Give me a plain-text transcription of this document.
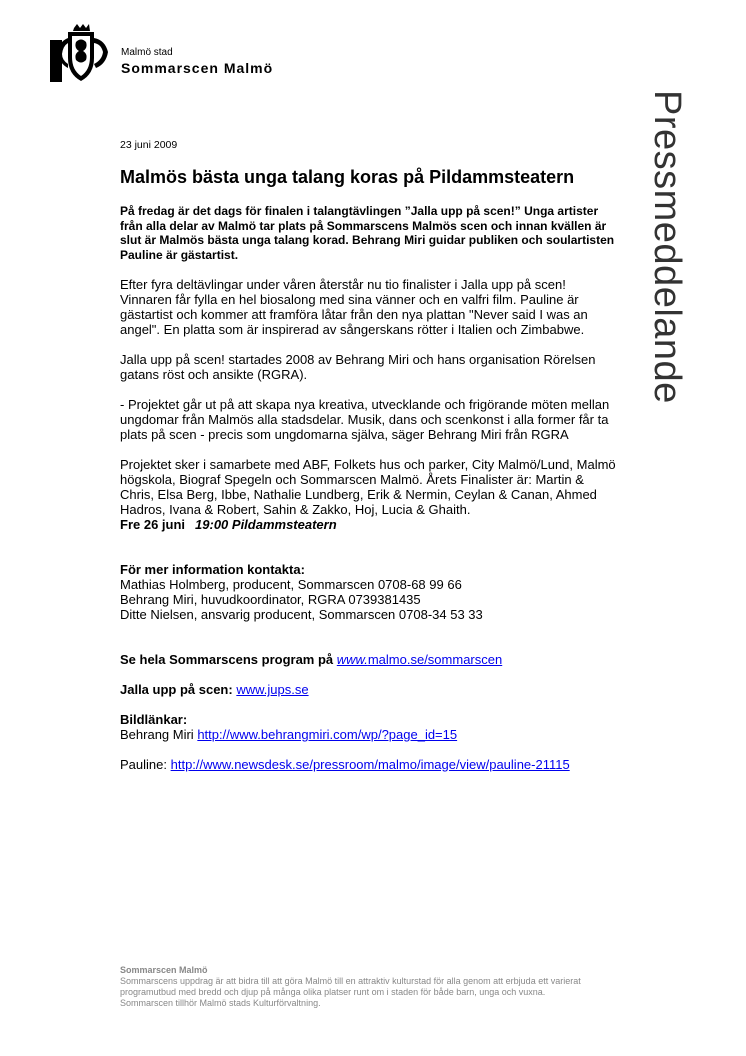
Malmö stad
Sommarscen Malmö
Pressmeddelande
23 juni 2009
Malmös bästa unga talang koras på Pildammsteatern

På fredag är det dags för finalen i talangtävlingen ”Jalla upp på scen!” Unga artister från alla delar av Malmö tar plats på Sommarscens Malmös scen och innan kvällen är slut är Malmös bästa unga talang korad. Behrang Miri guidar publiken och soulartisten Pauline är gästartist.

Efter fyra deltävlingar under våren återstår nu tio finalister i Jalla upp på scen! Vinnaren får fylla en hel biosalong med sina vänner och en valfri film. Pauline är gästartist och kommer att framföra låtar från den nya plattan "Never said I was an angel". En platta som är inspirerad av sångerskans rötter i Italien och Zimbabwe.

Jalla upp på scen! startades 2008 av Behrang Miri och hans organisation Rörelsen gatans röst och ansikte (RGRA).

- Projektet går ut på att skapa nya kreativa, utvecklande och frigörande möten mellan ungdomar från Malmös alla stadsdelar. Musik, dans och scenkonst i alla former får ta plats på scen - precis som ungdomarna själva, säger Behrang Miri från RGRA

Projektet sker i samarbete med ABF, Folkets hus och parker, City Malmö/Lund, Malmö högskola, Biograf Spegeln och Sommarscen Malmö. Årets Finalister är: Martin & Chris, Elsa Berg, Ibbe, Nathalie Lundberg, Erik & Nermin, Ceylan & Canan, Ahmed Hadros, Ivana & Robert, Sahin & Zakko, Hoj, Lucia & Ghaith.

Fre 26 juni 19:00 Pildammsteatern
För mer information kontakta:
Mathias Holmberg, producent, Sommarscen 0708-68 99 66
Behrang Miri, huvudkoordinator, RGRA 0739381435
Ditte Nielsen, ansvarig producent, Sommarscen 0708-34 53 33

Se hela Sommarscens program på www.malmo.se/sommarscen

Jalla upp på scen: www.jups.se

Bildlänkar:
Behrang Miri http://www.behrangmiri.com/wp/?page_id=15

Pauline: http://www.newsdesk.se/pressroom/malmo/image/view/pauline-21115

Sommarscen Malmö
Sommarscens uppdrag är att bidra till att göra Malmö till en attraktiv kulturstad för alla genom att erbjuda ett varierat programutbud med bredd och djup på många olika platser runt om i staden för både barn, unga och vuxna. Sommarscen tillhör Malmö stads Kulturförvaltning.
